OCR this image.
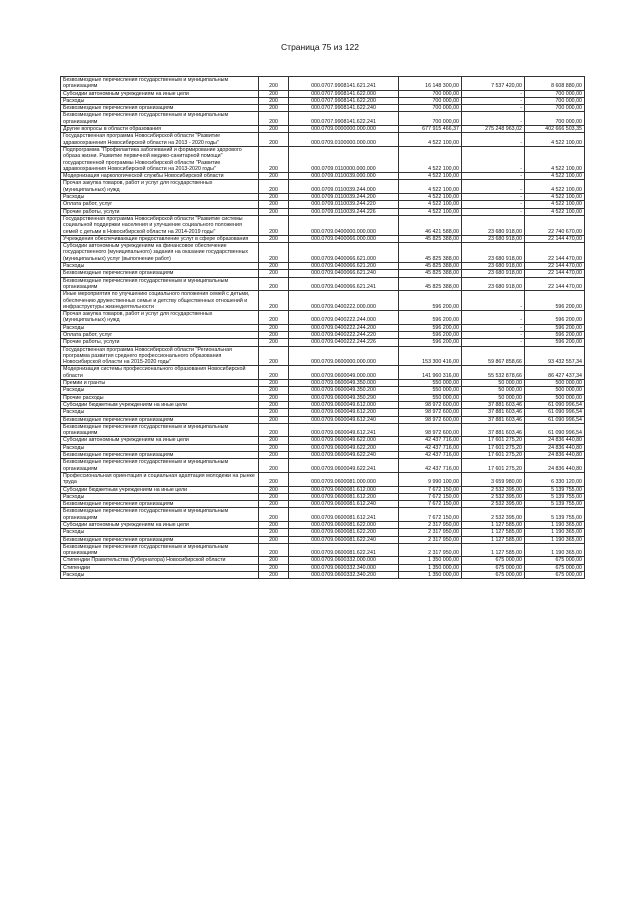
Страница 75 из 122
Безвозмездные перечисления государственным и муниципальным организациям	200	000.0707.9908141.621.241	16 148 300,00	7 537 420,00	8 608 880,00
Субсидии автономным учреждениям на иные цели	200	000.0707.9908141.622.000	700 000,00	-	700 000,00
Расходы	200	000.0707.9908141.622.200	700 000,00	-	700 000,00
Безвозмездные перечисления организациям	200	000.0707.9908141.622.240	700 000,00	-	700 000,00
Безвозмездные перечисления государственным и муниципальным организациям	200	000.0707.9908141.622.241	700 000,00	-	700 000,00
Другие вопросы в области образования	200	000.0709.0000000.000.000	677 915 466,37	275 248 963,02	402 666 503,35
Государственная программа Новосибирской области "Развитие здравоохранения Новосибирской области на 2013 - 2020 годы"	200	000.0709.0100000.000.000	4 522 100,00	-	4 522 100,00
Подпрограмма "Профилактика заболеваний и формирование здорового образа жизни. Развитие первичной медико-санитарной помощи" государственной программы Новосибирской области "Развитие здравоохранения Новосибирской области на 2013-2020 годы"	200	000.0709.0110000.000.000	4 522 100,00	-	4 522 100,00
Модернизация наркологической службы Новосибирской области	200	000.0709.0110039.000.000	4 522 100,00	-	4 522 100,00
Прочая закупка товаров, работ и услуг для государственных (муниципальных) нужд	200	000.0709.0110039.244.000	4 522 100,00	-	4 522 100,00
Расходы	200	000.0709.0110039.244.200	4 522 100,00	-	4 522 100,00
Оплата работ, услуг	200	000.0709.0110039.244.220	4 522 100,00	-	4 522 100,00
Прочие работы, услуги	200	000.0709.0110039.244.226	4 522 100,00	-	4 522 100,00
Государственная программа Новосибирской области "Развитие системы социальной поддержки населения и улучшение социального положения семей с детьми в Новосибирской области на 2014-2019 годы"	200	000.0709.0400000.000.000	46 421 588,00	23 680 918,00	22 740 670,00
Учреждения обеспечивающие предоставление услуг в сфере образования	200	000.0709.0400066.000.000	45 825 388,00	23 680 918,00	22 144 470,00
Субсидии автономным учреждениям на финансовое обеспечение государственного (муниципального) задания на оказание государственных (муниципальных) услуг (выполнение работ)	200	000.0709.0400066.621.000	45 825 388,00	23 680 918,00	22 144 470,00
Расходы	200	000.0709.0400066.621.200	45 825 388,00	23 680 918,00	22 144 470,00
Безвозмездные перечисления организациям	200	000.0709.0400066.621.240	45 825 388,00	23 680 918,00	22 144 470,00
Безвозмездные перечисления государственным и муниципальным организациям	200	000.0709.0400066.621.241	45 825 388,00	23 680 918,00	22 144 470,00
Иные мероприятия по улучшению социального положения семей с детьми, обеспечению дружественных семье и детству общественных отношений и инфраструктуры жизнедеятельности	200	000.0709.0400222.000.000	596 200,00	-	596 200,00
Прочая закупка товаров, работ и услуг для государственных (муниципальных) нужд	200	000.0709.0400222.244.000	596 200,00	-	596 200,00
Расходы	200	000.0709.0400222.244.200	596 200,00	-	596 200,00
Оплата работ, услуг	200	000.0709.0400222.244.220	596 200,00	-	596 200,00
Прочие работы, услуги	200	000.0709.0400222.244.226	596 200,00	-	596 200,00
Государственная программа Новосибирской области "Региональная программа развития среднего профессионального образования Новосибирской области на 2015-2020 годы"	200	000.0709.0600000.000.000	153 300 416,00	59 867 858,66	93 432 557,34
Модернизация системы профессионального образования Новосибирской области	200	000.0709.0600049.000.000	141 960 316,00	55 532 878,66	86 427 437,34
Премии и гранты	200	000.0709.0600049.350.000	550 000,00	50 000,00	500 000,00
Расходы	200	000.0709.0600049.350.200	550 000,00	50 000,00	500 000,00
Прочие расходы	200	000.0709.0600049.350.290	550 000,00	50 000,00	500 000,00
Субсидии бюджетным учреждениям на иные цели	200	000.0709.0600049.612.000	98 972 600,00	37 881 603,46	61 090 996,54
Расходы	200	000.0709.0600049.612.200	98 972 600,00	37 881 603,46	61 090 996,54
Безвозмездные перечисления организациям	200	000.0709.0600049.612.240	98 972 600,00	37 881 603,46	61 090 996,54
Безвозмездные перечисления государственным и муниципальным организациям	200	000.0709.0600049.612.241	98 972 600,00	37 881 603,46	61 090 996,54
Субсидии автономным учреждениям на иные цели	200	000.0709.0600049.622.000	42 437 716,00	17 601 275,20	24 836 440,80
Расходы	200	000.0709.0600049.622.200	42 437 716,00	17 601 275,20	24 836 440,80
Безвозмездные перечисления организациям	200	000.0709.0600049.622.240	42 437 716,00	17 601 275,20	24 836 440,80
Безвозмездные перечисления государственным и муниципальным организациям	200	000.0709.0600049.622.241	42 437 716,00	17 601 275,20	24 836 440,80
Профессиональная ориентация и социальная адаптация молодежи на рынке труда	200	000.0709.0600081.000.000	9 990 100,00	3 659 980,00	6 330 120,00
Субсидии бюджетным учреждениям на иные цели	200	000.0709.0600081.612.000	7 672 150,00	2 532 395,00	5 139 755,00
Расходы	200	000.0709.0600081.612.200	7 672 150,00	2 532 395,00	5 139 755,00
Безвозмездные перечисления организациям	200	000.0709.0600081.612.240	7 672 150,00	2 532 395,00	5 139 755,00
Безвозмездные перечисления государственным и муниципальным организациям	200	000.0709.0600081.612.241	7 672 150,00	2 532 395,00	5 139 755,00
Субсидии автономным учреждениям на иные цели	200	000.0709.0600081.622.000	2 317 950,00	1 127 585,00	1 190 365,00
Расходы	200	000.0709.0600081.622.200	2 317 950,00	1 127 585,00	1 190 365,00
Безвозмездные перечисления организациям	200	000.0709.0600081.622.240	2 317 950,00	1 127 585,00	1 190 365,00
Безвозмездные перечисления государственным и муниципальным организациям	200	000.0709.0600081.622.241	2 317 950,00	1 127 585,00	1 190 365,00
Стипендии Правительства (Губернатора) Новосибирской области	200	000.0709.0600332.000.000	1 350 000,00	675 000,00	675 000,00
Стипендии	200	000.0709.0600332.340.000	1 350 000,00	675 000,00	675 000,00
Расходы	200	000.0709.0600332.340.200	1 350 000,00	675 000,00	675 000,00
